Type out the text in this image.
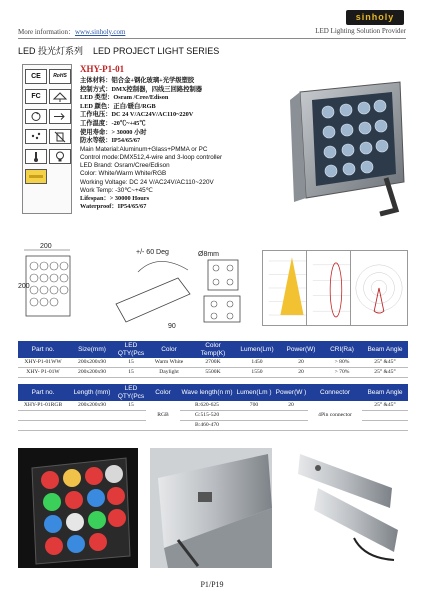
More information：www.sinholy.com
sinholy
LED Lighting Solution Provider
LED 投光灯系列 LED PROJECT LIGHT SERIES
CE	RoHS
FC
XHY-P1-01
主体材料：铝合金+钢化玻璃+光学级塑胶
控制方式：DMX控制器，四线三回路控制器
LED 类型：Osram /Cree/Edison
LED 颜色：正白/暖白/RGB
工作电压：DC 24 V/AC24V/AC110~220V
工作温度：-20℃~+45℃
使用寿命：> 30000 小时
防水等级：IP54/65/67
Main Material:Aluminum+Glass+PMMA or PC
Control mode:DMX512,4-wire and 3-loop controller
LED Brand: Osram/Cree/Edison
Color: White/Warm White/RGB
Working Voltage: DC 24 V/AC24V/AC110~220V
Work Temp: -30℃~+45℃
Lifespan：> 30000 Hours
Waterproof：IP54/65/67
200
200
+/- 60 Deg
90
Ø8mm
Part no.	Size(mm)	LED QTY(Pcs	Color	Color Temp(K)	Lumen(Lm)	Power(W)	CRI(Ra)	Beam Angle
XHY-P1-01WW	200x200x90	15	Warm White	2700K	1450	20	> 80%	25° &45°
XHY- P1-01W	200x200x90	15	Daylight	5500K	1550	20	> 70%	25° &45°
Part no.	Length (mm)	LED QTY(Pcs	Color	Wave length(n m)	Lumen(Lm )	Power(W )	Connector	Beam Angle
XHY-P1-01RGB	200x200x90	15	RGB	R:620-625	700	20	4Pin connector	25° &45°
				G:515-520				
				B:460-470				
P1/P19
